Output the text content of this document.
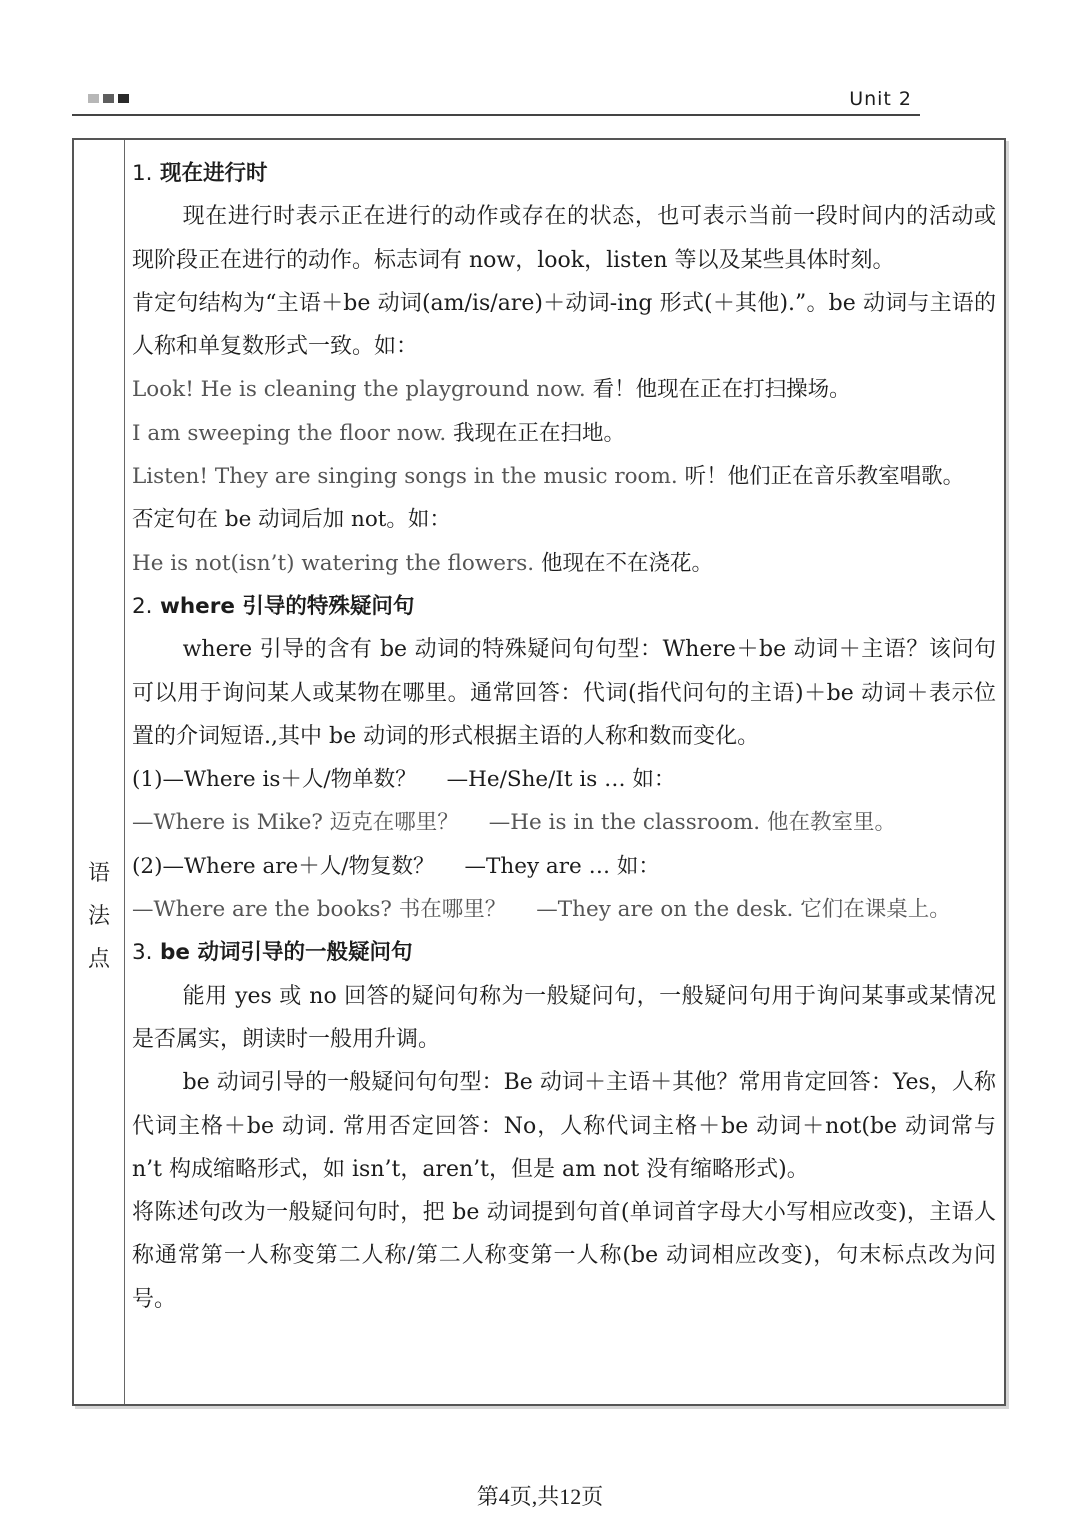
Unit 2
语
法
点
1. 现在进行时
现在进行时表示正在进行的动作或存在的状态，也可表示当前一段时间内的活动或现阶段正在进行的动作。标志词有 now，look，listen 等以及某些具体时刻。
肯定句结构为“主语＋be 动词(am/is/are)＋动词-ing 形式(＋其他).”。be 动词与主语的人称和单复数形式一致。如：
Look! He is cleaning the playground now. 看！他现在正在打扫操场。
I am sweeping the floor now. 我现在正在扫地。
Listen! They are singing songs in the music room. 听！他们正在音乐教室唱歌。
否定句在 be 动词后加 not。如：
He is not(isn’t) watering the flowers. 他现在不在浇花。
2. where 引导的特殊疑问句
where 引导的含有 be 动词的特殊疑问句句型：Where＋be 动词＋主语？该问句可以用于询问某人或某物在哪里。通常回答：代词(指代问句的主语)＋be 动词＋表示位置的介词短语.,其中 be 动词的形式根据主语的人称和数而变化。
(1)—Where is＋人/物单数？ —He/She/It is … 如：
—Where is Mike? 迈克在哪里？ —He is in the classroom. 他在教室里。
(2)—Where are＋人/物复数？ —They are … 如：
—Where are the books? 书在哪里？ —They are on the desk. 它们在课桌上。
3. be 动词引导的一般疑问句
能用 yes 或 no 回答的疑问句称为一般疑问句，一般疑问句用于询问某事或某情况是否属实，朗读时一般用升调。
be 动词引导的一般疑问句句型：Be 动词＋主语＋其他？常用肯定回答：Yes，人称代词主格＋be 动词. 常用否定回答：No，人称代词主格＋be 动词＋not(be 动词常与 n’t 构成缩略形式，如 isn’t，aren’t，但是 am not 没有缩略形式)。
将陈述句改为一般疑问句时，把 be 动词提到句首(单词首字母大小写相应改变)，主语人称通常第一人称变第二人称/第二人称变第一人称(be 动词相应改变)，句末标点改为问号。
第4页,共12页
